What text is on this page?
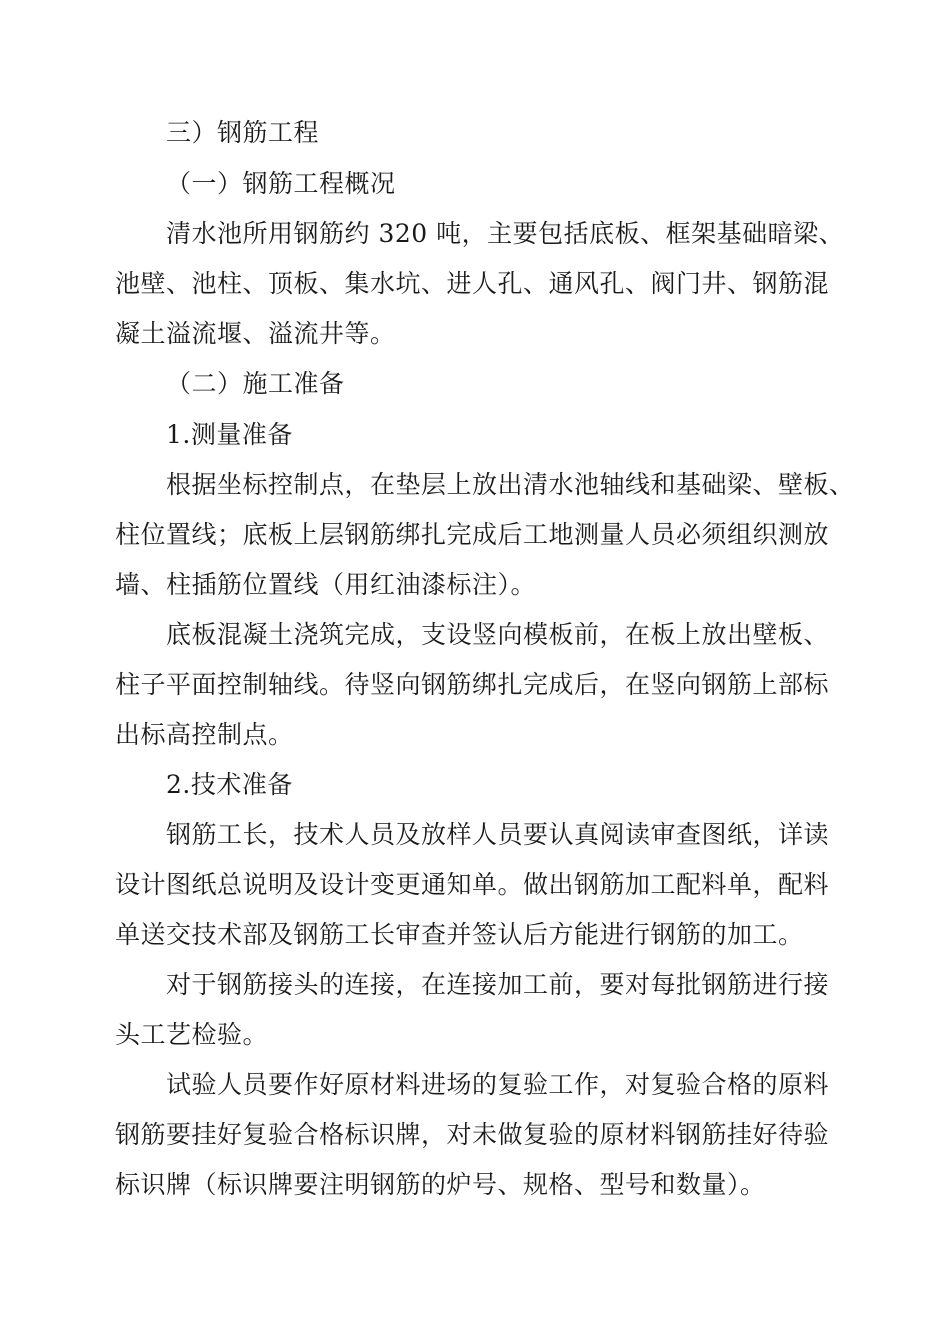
三）钢筋工程
（一）钢筋工程概况
清水池所用钢筋约 320 吨，主要包括底板、框架基础暗梁、
池壁、池柱、顶板、集水坑、进人孔、通风孔、阀门井、钢筋混
凝土溢流堰、溢流井等。
（二）施工准备
1.测量准备
根据坐标控制点，在垫层上放出清水池轴线和基础梁、壁板、
柱位置线；底板上层钢筋绑扎完成后工地测量人员必须组织测放
墙、柱插筋位置线（用红油漆标注）。
底板混凝土浇筑完成，支设竖向模板前，在板上放出壁板、
柱子平面控制轴线。待竖向钢筋绑扎完成后，在竖向钢筋上部标
出标高控制点。
2.技术准备
钢筋工长，技术人员及放样人员要认真阅读审查图纸，详读
设计图纸总说明及设计变更通知单。做出钢筋加工配料单，配料
单送交技术部及钢筋工长审查并签认后方能进行钢筋的加工。
对于钢筋接头的连接，在连接加工前，要对每批钢筋进行接
头工艺检验。
试验人员要作好原材料进场的复验工作，对复验合格的原料
钢筋要挂好复验合格标识牌，对未做复验的原材料钢筋挂好待验
标识牌（标识牌要注明钢筋的炉号、规格、型号和数量）。
